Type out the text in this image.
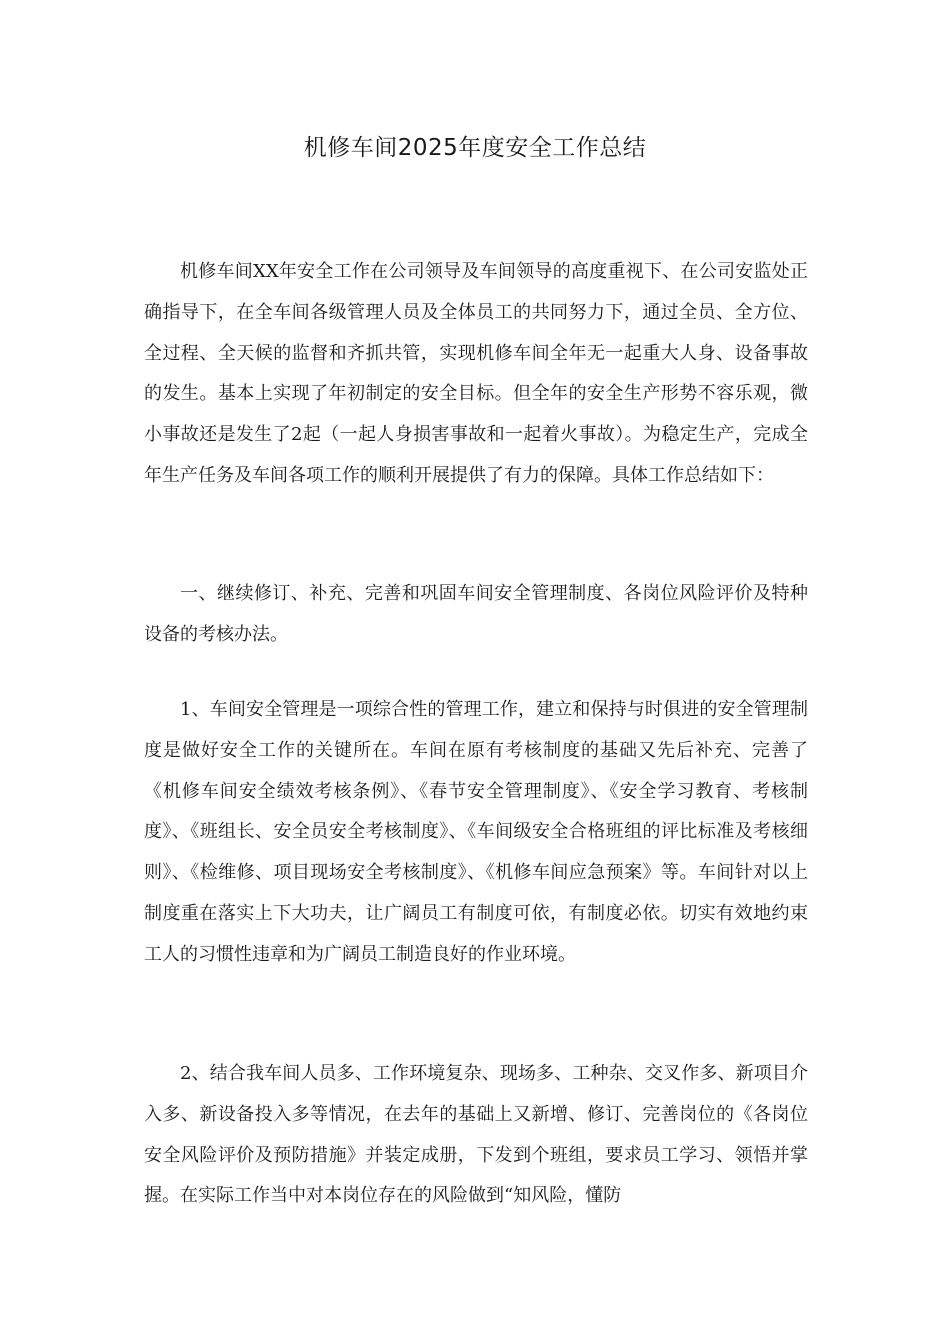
机修车间2025年度安全工作总结

机修车间XX年安全工作在公司领导及车间领导的高度重视下、在公司安监处正确指导下，在全车间各级管理人员及全体员工的共同努力下，通过全员、全方位、全过程、全天候的监督和齐抓共管，实现机修车间全年无一起重大人身、设备事故的发生。基本上实现了年初制定的安全目标。但全年的安全生产形势不容乐观，微小事故还是发生了2起（一起人身损害事故和一起着火事故）。为稳定生产，完成全年生产任务及车间各项工作的顺利开展提供了有力的保障。具体工作总结如下：

一、继续修订、补充、完善和巩固车间安全管理制度、各岗位风险评价及特种设备的考核办法。

1、车间安全管理是一项综合性的管理工作，建立和保持与时俱进的安全管理制度是做好安全工作的关键所在。车间在原有考核制度的基础又先后补充、完善了《机修车间安全绩效考核条例》、《春节安全管理制度》、《安全学习教育、考核制度》、《班组长、安全员安全考核制度》、《车间级安全合格班组的评比标准及考核细则》、《检维修、项目现场安全考核制度》、《机修车间应急预案》等。车间针对以上制度重在落实上下大功夫，让广阔员工有制度可依，有制度必依。切实有效地约束工人的习惯性违章和为广阔员工制造良好的作业环境。

2、结合我车间人员多、工作环境复杂、现场多、工种杂、交叉作多、新项目介入多、新设备投入多等情况，在去年的基础上又新增、修订、完善岗位的《各岗位安全风险评价及预防措施》并装定成册，下发到个班组，要求员工学习、领悟并掌握。在实际工作当中对本岗位存在的风险做到“知风险，懂防
